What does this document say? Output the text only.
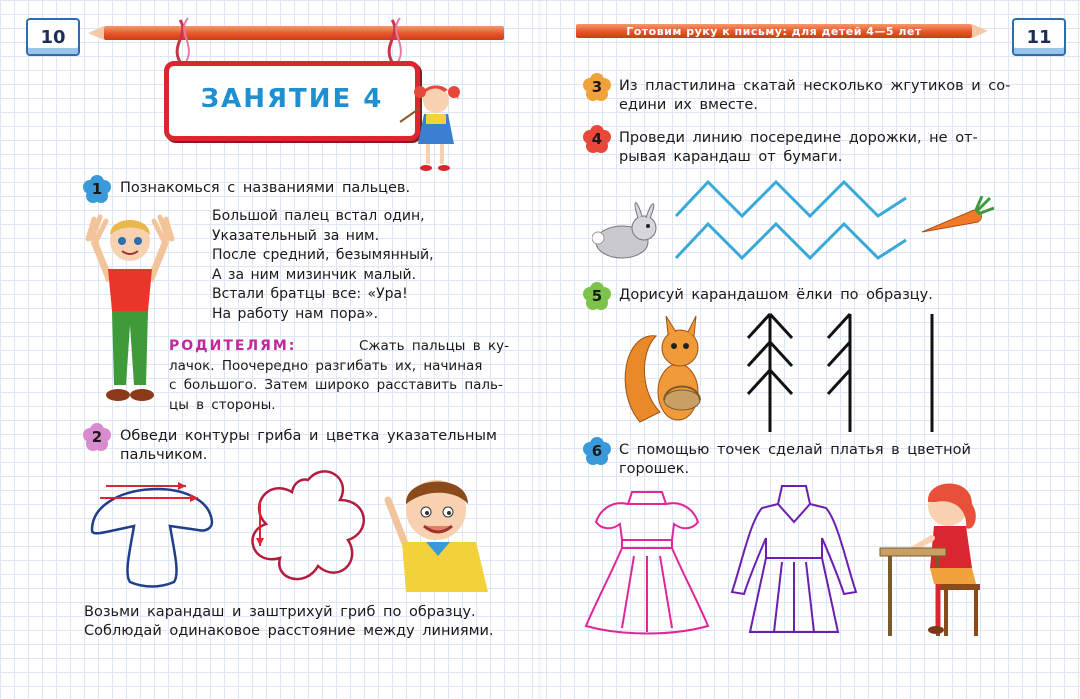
10	Готовим руку к письму: для детей 4—5 лет	11
ЗАНЯТИЕ 4
1	Познакомься с названиями пальцев.
Большой палец встал один,
Указательный за ним.
После средний, безымянный,
А за ним мизинчик малый.
Встали братцы все: «Ура!
На работу нам пора».
РОДИТЕЛЯМ:	Сжать пальцы в ку-
лачок. Поочередно разгибать их, начиная
с большого. Затем широко расставить паль-
цы в стороны.
2	Обведи контуры гриба и цветка указательным
пальчиком.
Возьми карандаш и заштрихуй гриб по образцу.
Соблюдай одинаковое расстояние между линиями.
3	Из пластилина скатай несколько жгутиков и со-
едини их вместе.
4	Проведи линию посередине дорожки, не от-
рывая карандаш от бумаги.
5	Дорисуй карандашом ёлки по образцу.
6	С помощью точек сделай платья в цветной
горошек.
